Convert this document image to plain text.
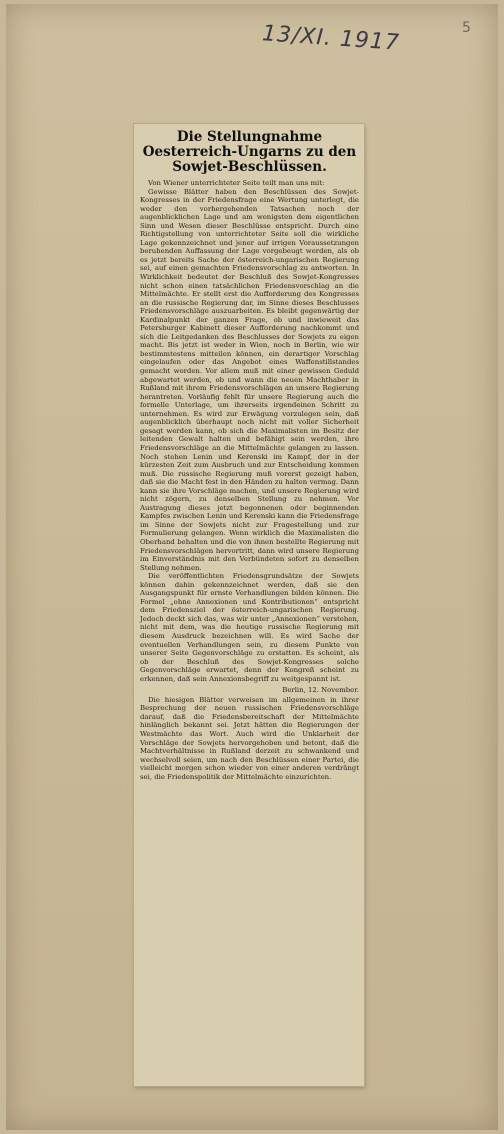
13/XI. 1917	5
Die Stellungnahme Oesterreich-Ungarns zu den Sowjet-Beschlüssen.

Von Wiener unterrichteter Seite teilt man uns mit:

Gewisse Blätter haben den Beschlüssen des Sowjet-Kongresses in der Friedensfrage eine Wertung unterlegt, die weder den vorhergehenden Tatsachen noch der augenblicklichen Lage und am wenigsten dem eigentlichen Sinn und Wesen dieser Beschlüsse entspricht. Durch eine Richtigstellung von unterrichteter Seite soll die wirkliche Lage gekennzeichnet und jener auf irrigen Voraussetzungen beruhenden Auffassung der Lage vorgebeugt werden, als ob es jetzt bereits Sache der österreich-ungarischen Regierung sei, auf einen gemachten Friedensvorschlag zu antworten. In Wirklichkeit bedeutet der Beschluß des Sowjet-Kongresses nicht schon einen tatsächlichen Friedensvorschlag an die Mittelmächte. Er stellt erst die Aufforderung des Kongresses an die russische Regierung dar, im Sinne dieses Beschlusses Friedensvorschläge auszuarbeiten. Es bleibt gegenwärtig der Kardinalpunkt der ganzen Frage, ob und inwieweit das Petersburger Kabinett dieser Aufforderung nachkommt und sich die Leitgedanken des Beschlusses der Sowjets zu eigen macht. Bis jetzt ist weder in Wien, noch in Berlin, wie wir bestimmtestens mitteilen können, ein derartiger Vorschlag eingelaufen oder das Angebot eines Waffenstillstandes gemacht worden. Vor allem muß mit einer gewissen Geduld abgewartet werden, ob und wann die neuen Machthaber in Rußland mit ihrem Friedensvorschlägen an unsere Regierung herantreten. Vorläufig fehlt für unsere Regierung auch die formelle Unterlage, um ihrerseits irgendeinen Schritt zu unternehmen. Es wird zur Erwägung vorzulegen sein, daß augenblicklich überhaupt noch nicht mit voller Sicherheit gesagt werden kann, ob sich die Maximalisten im Besitz der leitenden Gewalt halten und befähigt sein werden, ihre Friedensvorschläge an die Mittelmächte gelangen zu lassen. Noch stehen Lenin und Kerenski im Kampf, der in der kürzesten Zeit zum Ausbruch und zur Entscheidung kommen muß. Die russische Regierung muß vorerst gezeigt haben, daß sie die Macht fest in den Händen zu halten vermag. Dann kann sie ihre Vorschläge machen, und unsere Regierung wird nicht zögern, zu denselben Stellung zu nehmen. Vor Austragung dieses jetzt begonnenen oder beginnenden Kampfes zwischen Lenin und Kerenski kann die Friedensfrage im Sinne der Sowjets nicht zur Fragestellung und zur Formulierung gelangen. Wenn wirklich die Maximalisten die Oberhand behalten und die von ihnen bestellte Regierung mit Friedensvorschlägen hervortritt, dann wird unsere Regierung im Einverständnis mit den Verbündeten sofort zu denselben Stellung nehmen.

Die veröffentlichten Friedensgrundsätze der Sowjets können dahin gekennzeichnet werden, daß sie den Ausgangspunkt für ernste Verhandlungen bilden können. Die Formel „ohne Annexionen und Kontributionen“ entspricht dem Friedensziel der österreich-ungarischen Regierung. Jedoch deckt sich das, was wir unter „Annexionen“ verstehen, nicht mit dem, was die heutige russische Regierung mit diesem Ausdruck bezeichnen will. Es wird Sache der eventuellen Verhandlungen sein, zu diesem Punkte von unserer Seite Gegenvorschläge zu erstatten. Es scheint, als ob der Beschluß des Sowjet-Kongresses solche Gegenvorschläge erwartet, denn der Kongreß scheint zu erkennen, daß sein Annexionsbegriff zu weitgespannt ist.

Berlin, 12. November.

Die hiesigen Blätter verweisen im allgemeinen in ihrer Besprechung der neuen russischen Friedensvorschläge darauf, daß die Friedensbereitschaft der Mittelmächte hinlänglich bekannt sei. Jetzt hätten die Regierungen der Westmächte das Wort. Auch wird die Unklarheit der Vorschläge der Sowjets hervorgehoben und betont, daß die Machtverhältnisse in Rußland derzeit zu schwankend und wechselvoll seien, um nach den Beschlüssen einer Partei, die vielleicht morgen schon wieder von einer anderen verdrängt sei, die Friedenspolitik der Mittelmächte einzurichten.
